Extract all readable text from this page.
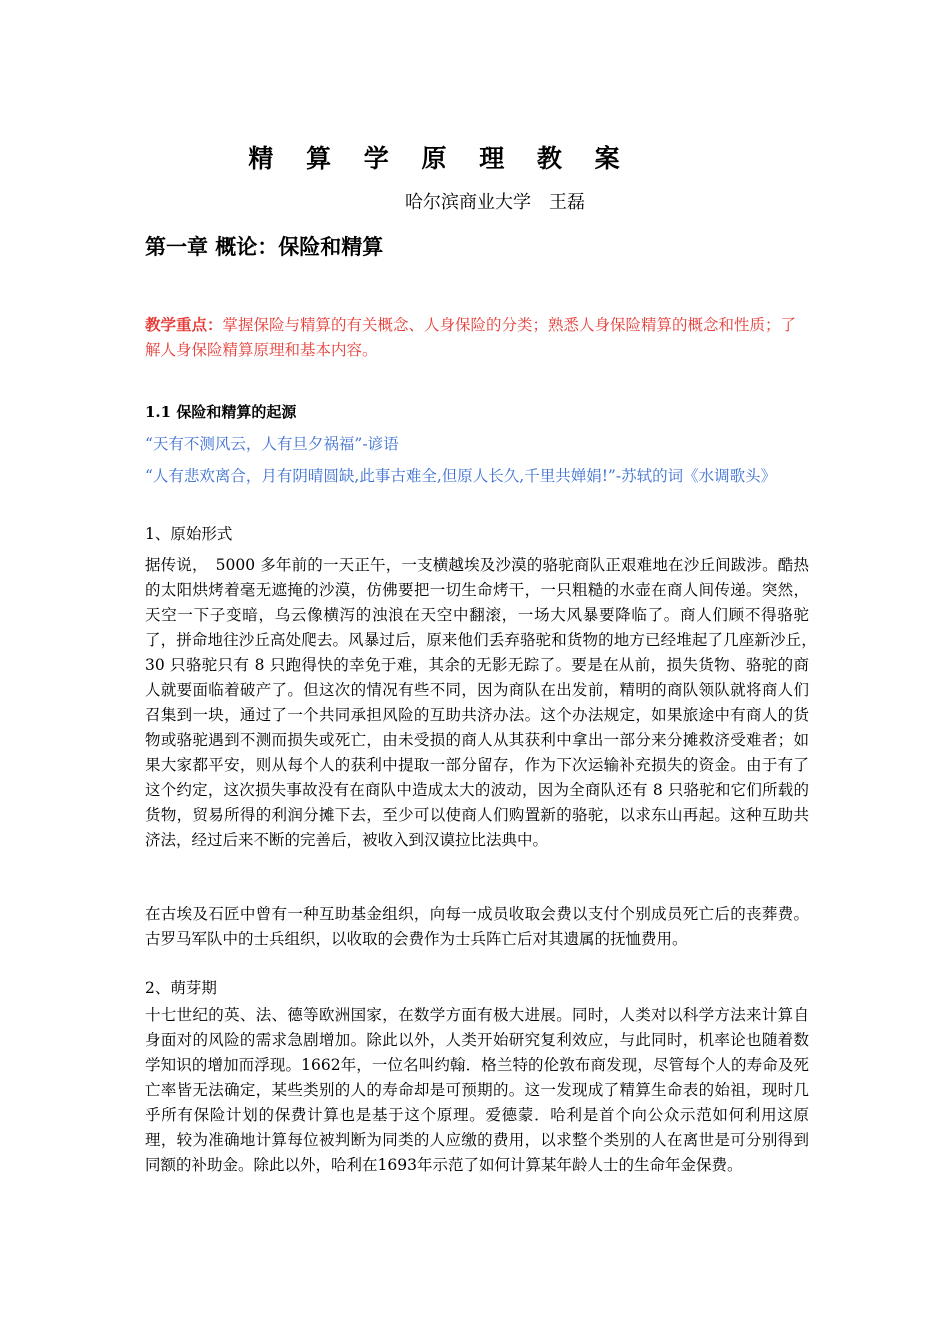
精 算 学 原 理 教 案
哈尔滨商业大学　王磊
第一章 概论：保险和精算
教学重点：掌握保险与精算的有关概念、人身保险的分类；熟悉人身保险精算的概念和性质；了解人身保险精算原理和基本内容。
1.1 保险和精算的起源
“天有不测风云，人有旦夕祸福”-谚语
“人有悲欢离合，月有阴晴圆缺,此事古难全,但原人长久,千里共婵娟!”-苏轼的词《水调歌头》
1、原始形式
据传说，　5000 多年前的一天正午，一支横越埃及沙漠的骆驼商队正艰难地在沙丘间跋涉。酷热的太阳烘烤着毫无遮掩的沙漠，仿佛要把一切生命烤干，一只粗糙的水壶在商人间传递。突然，天空一下子变暗，乌云像横泻的浊浪在天空中翻滚，一场大风暴要降临了。商人们顾不得骆驼了，拼命地往沙丘高处爬去。风暴过后，原来他们丢弃骆驼和货物的地方已经堆起了几座新沙丘，　30 只骆驼只有 8 只跑得快的幸免于难，其余的无影无踪了。要是在从前，损失货物、骆驼的商人就要面临着破产了。但这次的情况有些不同，因为商队在出发前，精明的商队领队就将商人们召集到一块，通过了一个共同承担风险的互助共济办法。这个办法规定，如果旅途中有商人的货物或骆驼遇到不测而损失或死亡，由未受损的商人从其获利中拿出一部分来分摊救济受难者；如果大家都平安，则从每个人的获利中提取一部分留存，作为下次运输补充损失的资金。由于有了这个约定，这次损失事故没有在商队中造成太大的波动，因为全商队还有 8 只骆驼和它们所载的货物，贸易所得的利润分摊下去，至少可以使商人们购置新的骆驼，以求东山再起。这种互助共济法，经过后来不断的完善后，被收入到汉谟拉比法典中。
在古埃及石匠中曾有一种互助基金组织，向每一成员收取会费以支付个别成员死亡后的丧葬费。古罗马军队中的士兵组织，以收取的会费作为士兵阵亡后对其遗属的抚恤费用。
2、萌芽期
十七世纪的英、法、德等欧洲国家，在数学方面有极大进展。同时，人类对以科学方法来计算自身面对的风险的需求急剧增加。除此以外，人类开始研究复利效应，与此同时，机率论也随着数学知识的增加而浮现。1662年，一位名叫约翰．格兰特的伦敦布商发现，尽管每个人的寿命及死亡率皆无法确定，某些类别的人的寿命却是可预期的。这一发现成了精算生命表的始祖，现时几乎所有保险计划的保费计算也是基于这个原理。爱德蒙．哈利是首个向公众示范如何利用这原理，较为准确地计算每位被判断为同类的人应缴的费用，以求整个类别的人在离世是可分别得到同额的补助金。除此以外，哈利在1693年示范了如何计算某年龄人士的生命年金保费。
